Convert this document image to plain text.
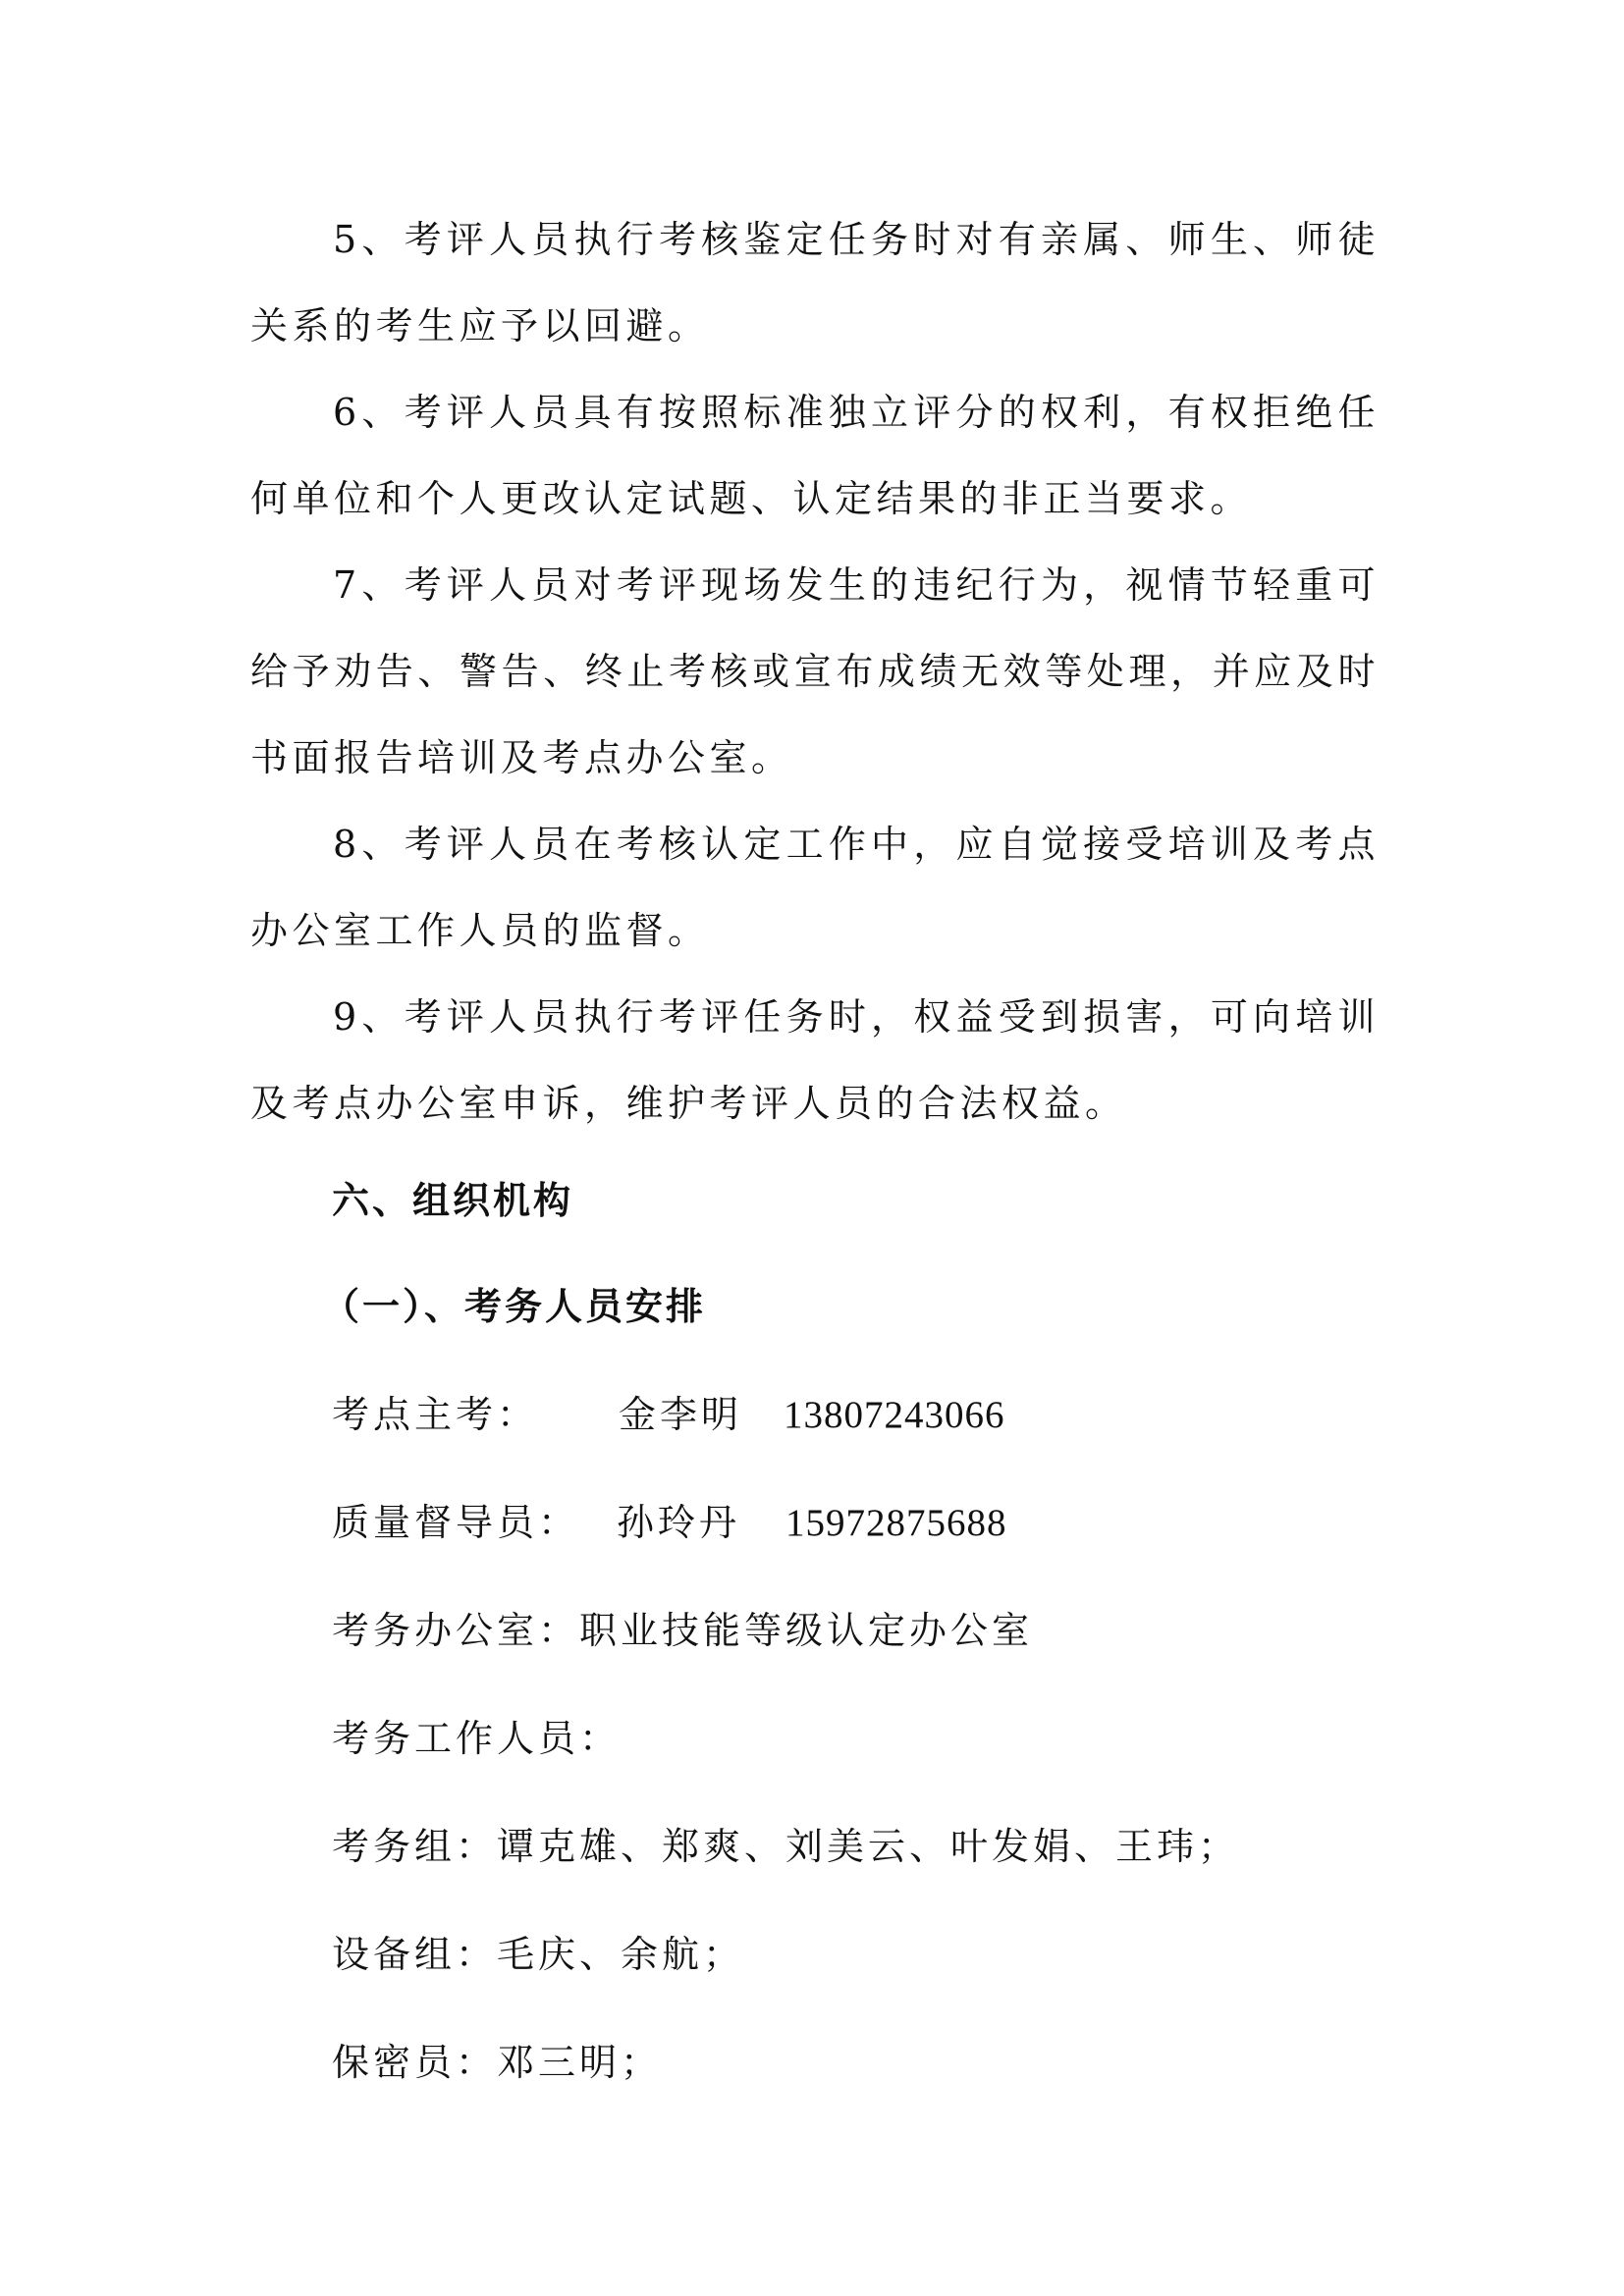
5、考评人员执行考核鉴定任务时对有亲属、师生、师徒关系的考生应予以回避。

6、考评人员具有按照标准独立评分的权利，有权拒绝任何单位和个人更改认定试题、认定结果的非正当要求。

7、考评人员对考评现场发生的违纪行为，视情节轻重可给予劝告、警告、终止考核或宣布成绩无效等处理，并应及时书面报告培训及考点办公室。

8、考评人员在考核认定工作中，应自觉接受培训及考点办公室工作人员的监督。

9、考评人员执行考评任务时，权益受到损害，可向培训及考点办公室申诉，维护考评人员的合法权益。

六、组织机构

（一）、考务人员安排

考点主考： 金李明 13807243066

质量督导员： 孙玲丹 15972875688

考务办公室：职业技能等级认定办公室

考务工作人员：

考务组：谭克雄、郑爽、刘美云、叶发娟、王玮；

设备组：毛庆、余航；

保密员：邓三明；
